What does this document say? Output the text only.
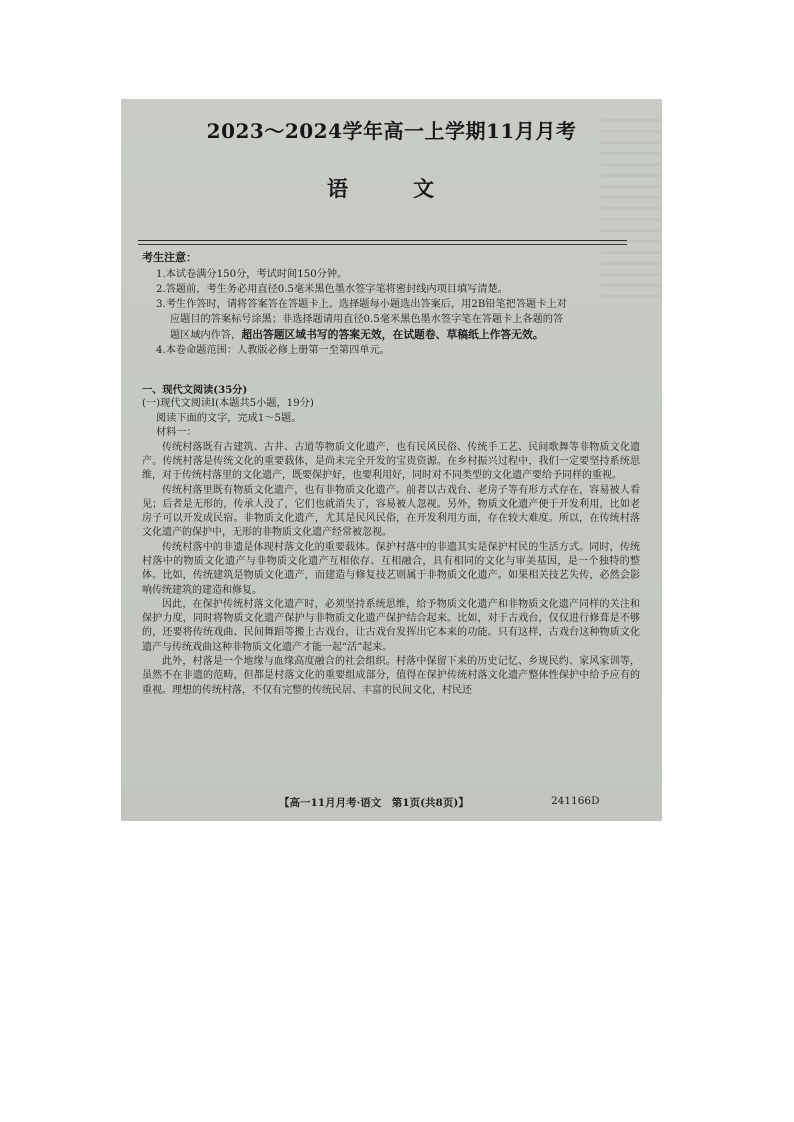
2023～2024学年高一上学期11月月考
语　文
考生注意：
1.本试卷满分150分，考试时间150分钟。
2.答题前，考生务必用直径0.5毫米黑色墨水签字笔将密封线内项目填写清楚。
3.考生作答时，请将答案答在答题卡上。选择题每小题选出答案后，用2B铅笔把答题卡上对
应题目的答案标号涂黑；非选择题请用直径0.5毫米黑色墨水签字笔在答题卡上各题的答
题区域内作答，超出答题区域书写的答案无效，在试题卷、草稿纸上作答无效。
4.本卷命题范围：人教版必修上册第一至第四单元。
一、现代文阅读(35分)
(一)现代文阅读Ⅰ(本题共5小题，19分)
阅读下面的文字，完成1～5题。
材料一：

传统村落既有古建筑、古井、古道等物质文化遗产，也有民风民俗、传统手工艺、民间歌舞等非物质文化遗产。传统村落是传统文化的重要载体，是尚未完全开发的宝贵资源。在乡村振兴过程中，我们一定要坚持系统思维，对于传统村落里的文化遗产，既要保护好，也要利用好，同时对不同类型的文化遗产要给予同样的重视。

传统村落里既有物质文化遗产，也有非物质文化遗产。前者以古戏台、老房子等有形方式存在，容易被人看见；后者是无形的，传承人没了，它们也就消失了，容易被人忽视。另外，物质文化遗产便于开发利用，比如老房子可以开发成民宿。非物质文化遗产，尤其是民风民俗，在开发利用方面，存在较大难度。所以，在传统村落文化遗产的保护中，无形的非物质文化遗产经常被忽视。

传统村落中的非遗是体现村落文化的重要载体。保护村落中的非遗其实是保护村民的生活方式。同时，传统村落中的物质文化遗产与非物质文化遗产互相依存、互相融合，具有相同的文化与审美基因，是一个独特的整体。比如，传统建筑是物质文化遗产，而建造与修复技艺则属于非物质文化遗产。如果相关技艺失传，必然会影响传统建筑的建造和修复。

因此，在保护传统村落文化遗产时，必须坚持系统思维，给予物质文化遗产和非物质文化遗产同样的关注和保护力度，同时将物质文化遗产保护与非物质文化遗产保护结合起来。比如，对于古戏台，仅仅进行修葺是不够的，还要将传统戏曲、民间舞蹈等搬上古戏台，让古戏台发挥出它本来的功能。只有这样，古戏台这种物质文化遗产与传统戏曲这种非物质文化遗产才能一起“活”起来。

此外，村落是一个地缘与血缘高度融合的社会组织。村落中保留下来的历史记忆、乡规民约、家风家训等，虽然不在非遗的范畴，但都是村落文化的重要组成部分，值得在保护传统村落文化遗产整体性保护中给予应有的重视。理想的传统村落，不仅有完整的传统民居、丰富的民间文化，村民还

【高一11月月考·语文　第1页(共8页)】	241166D
